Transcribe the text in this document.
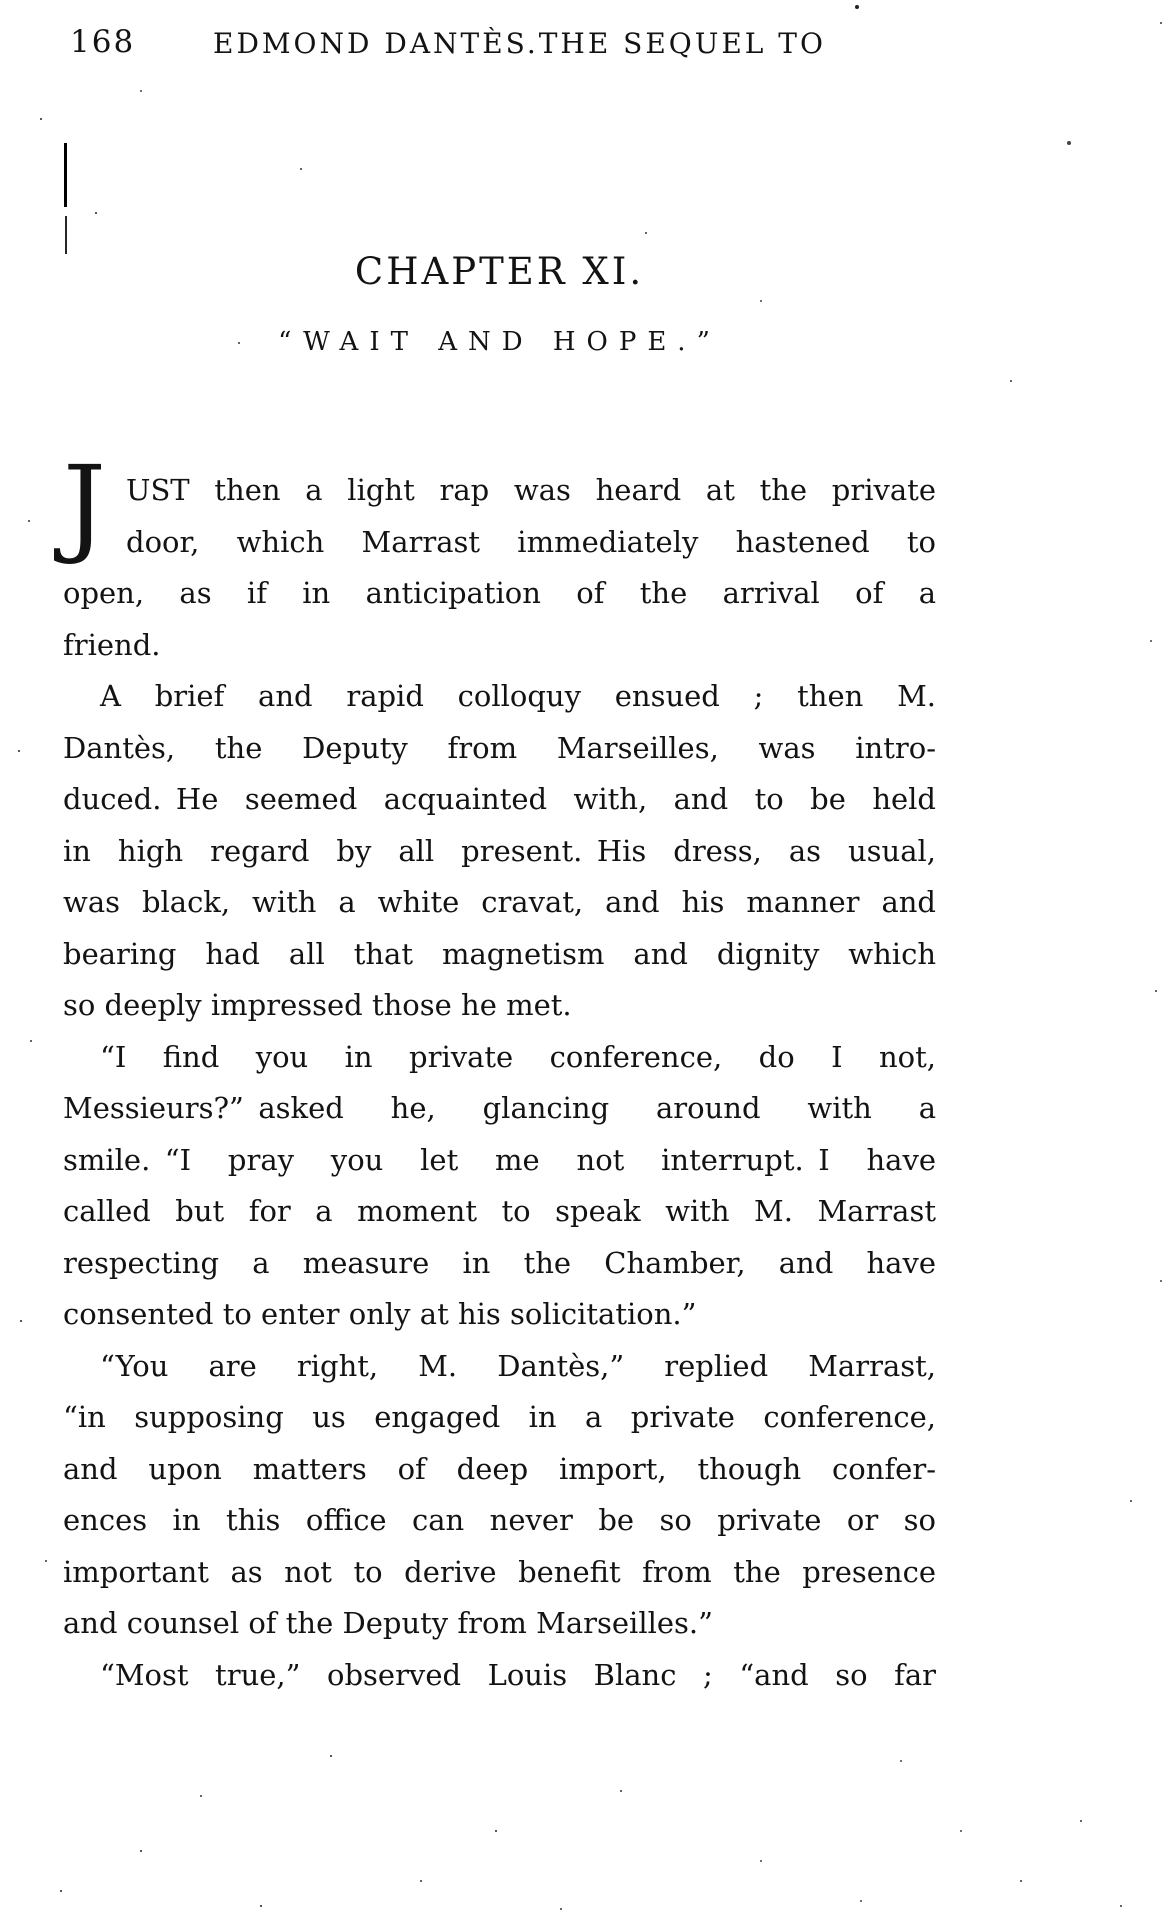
168	EDMOND DANTÈS. THE SEQUEL TO
CHAPTER XI.
“WAIT AND HOPE.”
J UST then a light rap was heard at the private
door, which Marrast immediately hastened to
open, as if in anticipation of the arrival of a
friend.
A brief and rapid colloquy ensued ; then M.
Dantès, the Deputy from Marseilles, was intro-
duced. He seemed acquainted with, and to be held
in high regard by all present. His dress, as usual,
was black, with a white cravat, and his manner and
bearing had all that magnetism and dignity which
so deeply impressed those he met.
“I find you in private conference, do I not,
Messieurs?” asked he, glancing around with a
smile. “I pray you let me not interrupt. I have
called but for a moment to speak with M. Marrast
respecting a measure in the Chamber, and have
consented to enter only at his solicitation.”
“You are right, M. Dantès,” replied Marrast,
“in supposing us engaged in a private conference,
and upon matters of deep import, though confer-
ences in this office can never be so private or so
important as not to derive benefit from the presence
and counsel of the Deputy from Marseilles.”
“Most true,” observed Louis Blanc ; “and so far
